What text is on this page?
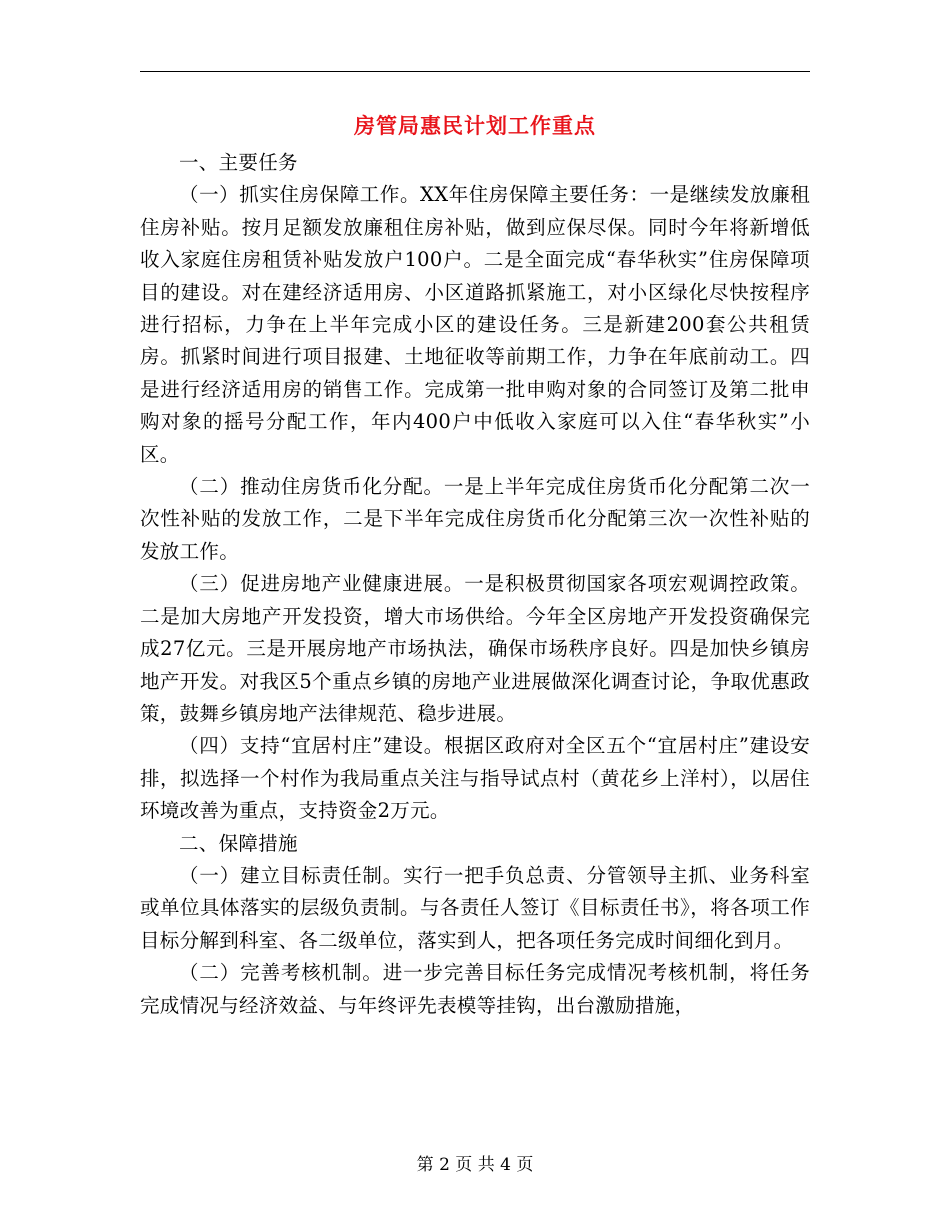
房管局惠民计划工作重点

一、主要任务

（一）抓实住房保障工作。XX年住房保障主要任务：一是继续发放廉租住房补贴。按月足额发放廉租住房补贴，做到应保尽保。同时今年将新增低收入家庭住房租赁补贴发放户100户。二是全面完成“春华秋实”住房保障项目的建设。对在建经济适用房、小区道路抓紧施工，对小区绿化尽快按程序进行招标，力争在上半年完成小区的建设任务。三是新建200套公共租赁房。抓紧时间进行项目报建、土地征收等前期工作，力争在年底前动工。四是进行经济适用房的销售工作。完成第一批申购对象的合同签订及第二批申购对象的摇号分配工作，年内400户中低收入家庭可以入住“春华秋实”小区。

（二）推动住房货币化分配。一是上半年完成住房货币化分配第二次一次性补贴的发放工作，二是下半年完成住房货币化分配第三次一次性补贴的发放工作。

（三）促进房地产业健康进展。一是积极贯彻国家各项宏观调控政策。二是加大房地产开发投资，增大市场供给。今年全区房地产开发投资确保完成27亿元。三是开展房地产市场执法，确保市场秩序良好。四是加快乡镇房地产开发。对我区5个重点乡镇的房地产业进展做深化调查讨论，争取优惠政策，鼓舞乡镇房地产法律规范、稳步进展。

（四）支持“宜居村庄”建设。根据区政府对全区五个“宜居村庄”建设安排，拟选择一个村作为我局重点关注与指导试点村（黄花乡上洋村），以居住环境改善为重点，支持资金2万元。

二、保障措施

（一）建立目标责任制。实行一把手负总责、分管领导主抓、业务科室或单位具体落实的层级负责制。与各责任人签订《目标责任书》，将各项工作目标分解到科室、各二级单位，落实到人，把各项任务完成时间细化到月。

（二）完善考核机制。进一步完善目标任务完成情况考核机制，将任务完成情况与经济效益、与年终评先表模等挂钩，出台激励措施，

第 2 页 共 4 页
